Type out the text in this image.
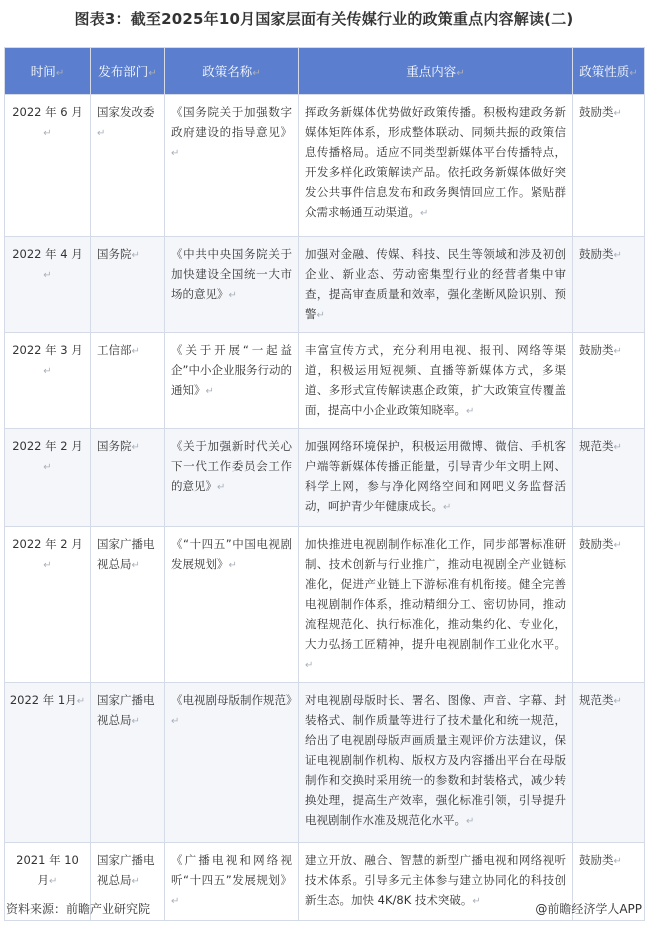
图表3：截至2025年10月国家层面有关传媒行业的政策重点内容解读(二)
时间↵	发布部门↵	政策名称↵	重点内容↵	政策性质↵
2022 年 6 月↵	国家发改委↵	《国务院关于加强数字政府建设的指导意见》↵	挥政务新媒体优势做好政策传播。积极构建政务新媒体矩阵体系，形成整体联动、同频共振的政策信息传播格局。适应不同类型新媒体平台传播特点，开发多样化政策解读产品。依托政务新媒体做好突发公共事件信息发布和政务舆情回应工作。紧贴群众需求畅通互动渠道。↵	鼓励类↵
2022 年 4 月↵	国务院↵	《中共中央国务院关于加快建设全国统一大市场的意见》↵	加强对金融、传媒、科技、民生等领域和涉及初创企业、新业态、劳动密集型行业的经营者集中审查，提高审查质量和效率，强化垄断风险识别、预警↵	鼓励类↵
2022 年 3 月↵	工信部↵	《关于开展“一起益企”中小企业服务行动的通知》↵	丰富宣传方式，充分利用电视、报刊、网络等渠道，积极运用短视频、直播等新媒体方式，多渠道、多形式宣传解读惠企政策，扩大政策宣传覆盖面，提高中小企业政策知晓率。↵	鼓励类↵
2022 年 2 月↵	国务院↵	《关于加强新时代关心下一代工作委员会工作的意见》↵	加强网络环境保护，积极运用微博、微信、手机客户端等新媒体传播正能量，引导青少年文明上网、科学上网，参与净化网络空间和网吧义务监督活动，呵护青少年健康成长。↵	规范类↵
2022 年 2 月↵	国家广播电视总局↵	《“十四五”中国电视剧发展规划》↵	加快推进电视剧制作标准化工作，同步部署标准研制、技术创新与行业推广，推动电视剧全产业链标准化，促进产业链上下游标准有机衔接。健全完善电视剧制作体系，推动精细分工、密切协同，推动流程规范化、执行标准化，推动集约化、专业化，大力弘扬工匠精神，提升电视剧制作工业化水平。↵	鼓励类↵
2022 年 1月↵	国家广播电视总局↵	《电视剧母版制作规范》↵	对电视剧母版时长、署名、图像、声音、字幕、封装格式、制作质量等进行了技术量化和统一规范，给出了电视剧母版声画质量主观评价方法建议，保证电视剧制作机构、版权方及内容播出平台在母版制作和交换时采用统一的参数和封装格式，减少转换处理，提高生产效率，强化标准引领，引导提升电视剧制作水准及规范化水平。↵	规范类↵
2021 年 10 月↵	国家广播电视总局↵	《广播电视和网络视听“十四五”发展规划》↵	建立开放、融合、智慧的新型广播电视和网络视听技术体系。引导多元主体参与建立协同化的科技创新生态。加快 4K/8K 技术突破。↵	鼓励类↵
资料来源：前瞻产业研究院	@前瞻经济学人APP
